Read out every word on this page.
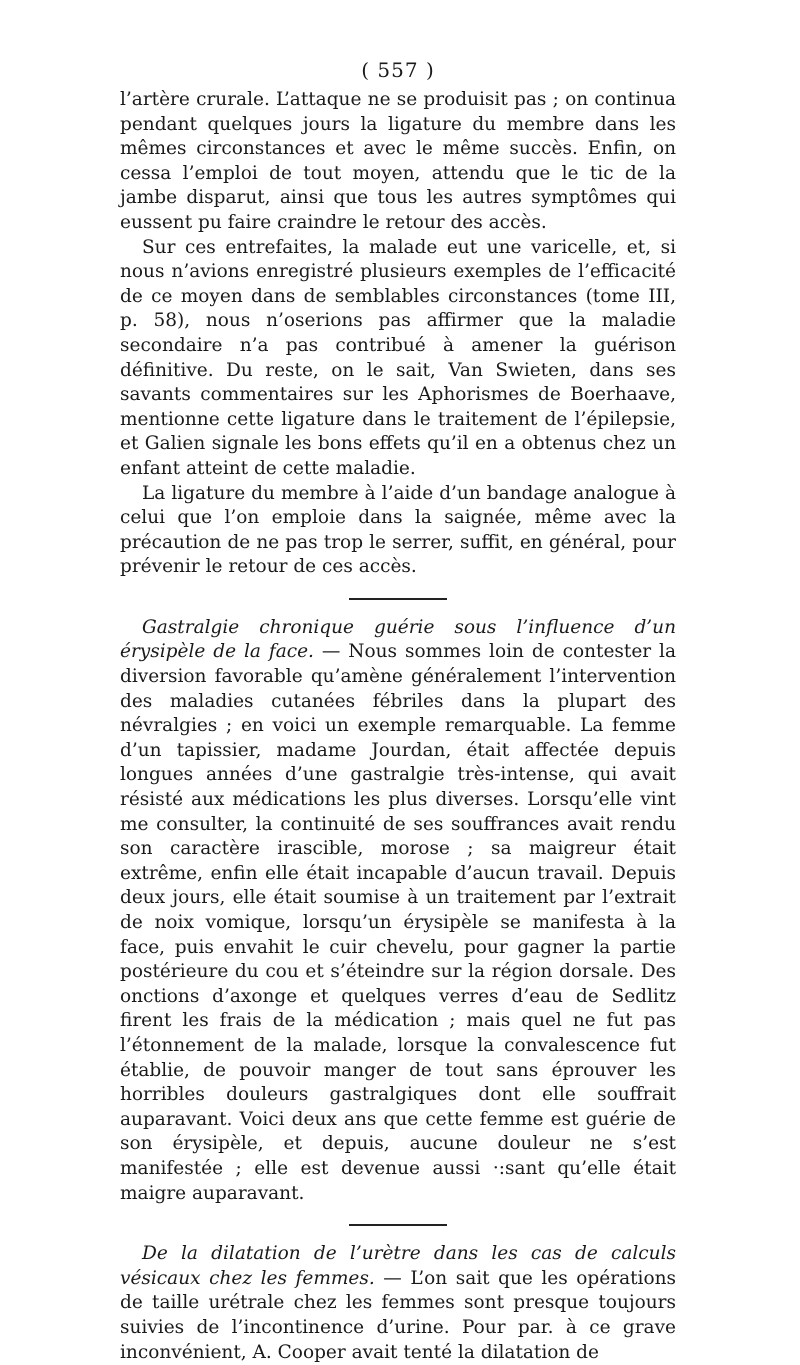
( 557 )

l’artère crurale. L’attaque ne se produisit pas ; on continua pendant quelques jours la ligature du membre dans les mêmes circonstances et avec le même succès. Enfin, on cessa l’emploi de tout moyen, attendu que le tic de la jambe disparut, ainsi que tous les autres symptômes qui eussent pu faire craindre le retour des accès.

Sur ces entrefaites, la malade eut une varicelle, et, si nous n’avions enregistré plusieurs exemples de l’efficacité de ce moyen dans de semblables circonstances (tome III, p. 58), nous n’oserions pas affirmer que la maladie secondaire n’a pas contribué à amener la guérison définitive. Du reste, on le sait, Van Swieten, dans ses savants commentaires sur les Aphorismes de Boerhaave, mentionne cette ligature dans le traitement de l’épilepsie, et Galien signale les bons effets qu’il en a obtenus chez un enfant atteint de cette maladie.

La ligature du membre à l’aide d’un bandage analogue à celui que l’on emploie dans la saignée, même avec la précaution de ne pas trop le serrer, suffit, en général, pour prévenir le retour de ces accès.

Gastralgie chronique guérie sous l’influence d’un érysipèle de la face. — Nous sommes loin de contester la diversion favorable qu’amène généralement l’intervention des maladies cutanées fébriles dans la plupart des névralgies ; en voici un exemple remarquable. La femme d’un tapissier, madame Jourdan, était affectée depuis longues années d’une gastralgie très-intense, qui avait résisté aux médications les plus diverses. Lorsqu’elle vint me consulter, la continuité de ses souffrances avait rendu son caractère irascible, morose ; sa maigreur était extrême, enfin elle était incapable d’aucun travail. Depuis deux jours, elle était soumise à un traitement par l’extrait de noix vomique, lorsqu’un érysipèle se manifesta à la face, puis envahit le cuir chevelu, pour gagner la partie postérieure du cou et s’éteindre sur la région dorsale. Des onctions d’axonge et quelques verres d’eau de Sedlitz firent les frais de la médication ; mais quel ne fut pas l’étonnement de la malade, lorsque la convalescence fut établie, de pouvoir manger de tout sans éprouver les horribles douleurs gastralgiques dont elle souffrait auparavant. Voici deux ans que cette femme est guérie de son érysipèle, et depuis, aucune douleur ne s’est manifestée ; elle est devenue aussi ·:sant qu’elle était maigre auparavant.

De la dilatation de l’urètre dans les cas de calculs vésicaux chez les femmes. — L’on sait que les opérations de taille urétrale chez les femmes sont presque toujours suivies de l’incontinence d’urine. Pour par. à ce grave inconvénient, A. Cooper avait tenté la dilatation de
